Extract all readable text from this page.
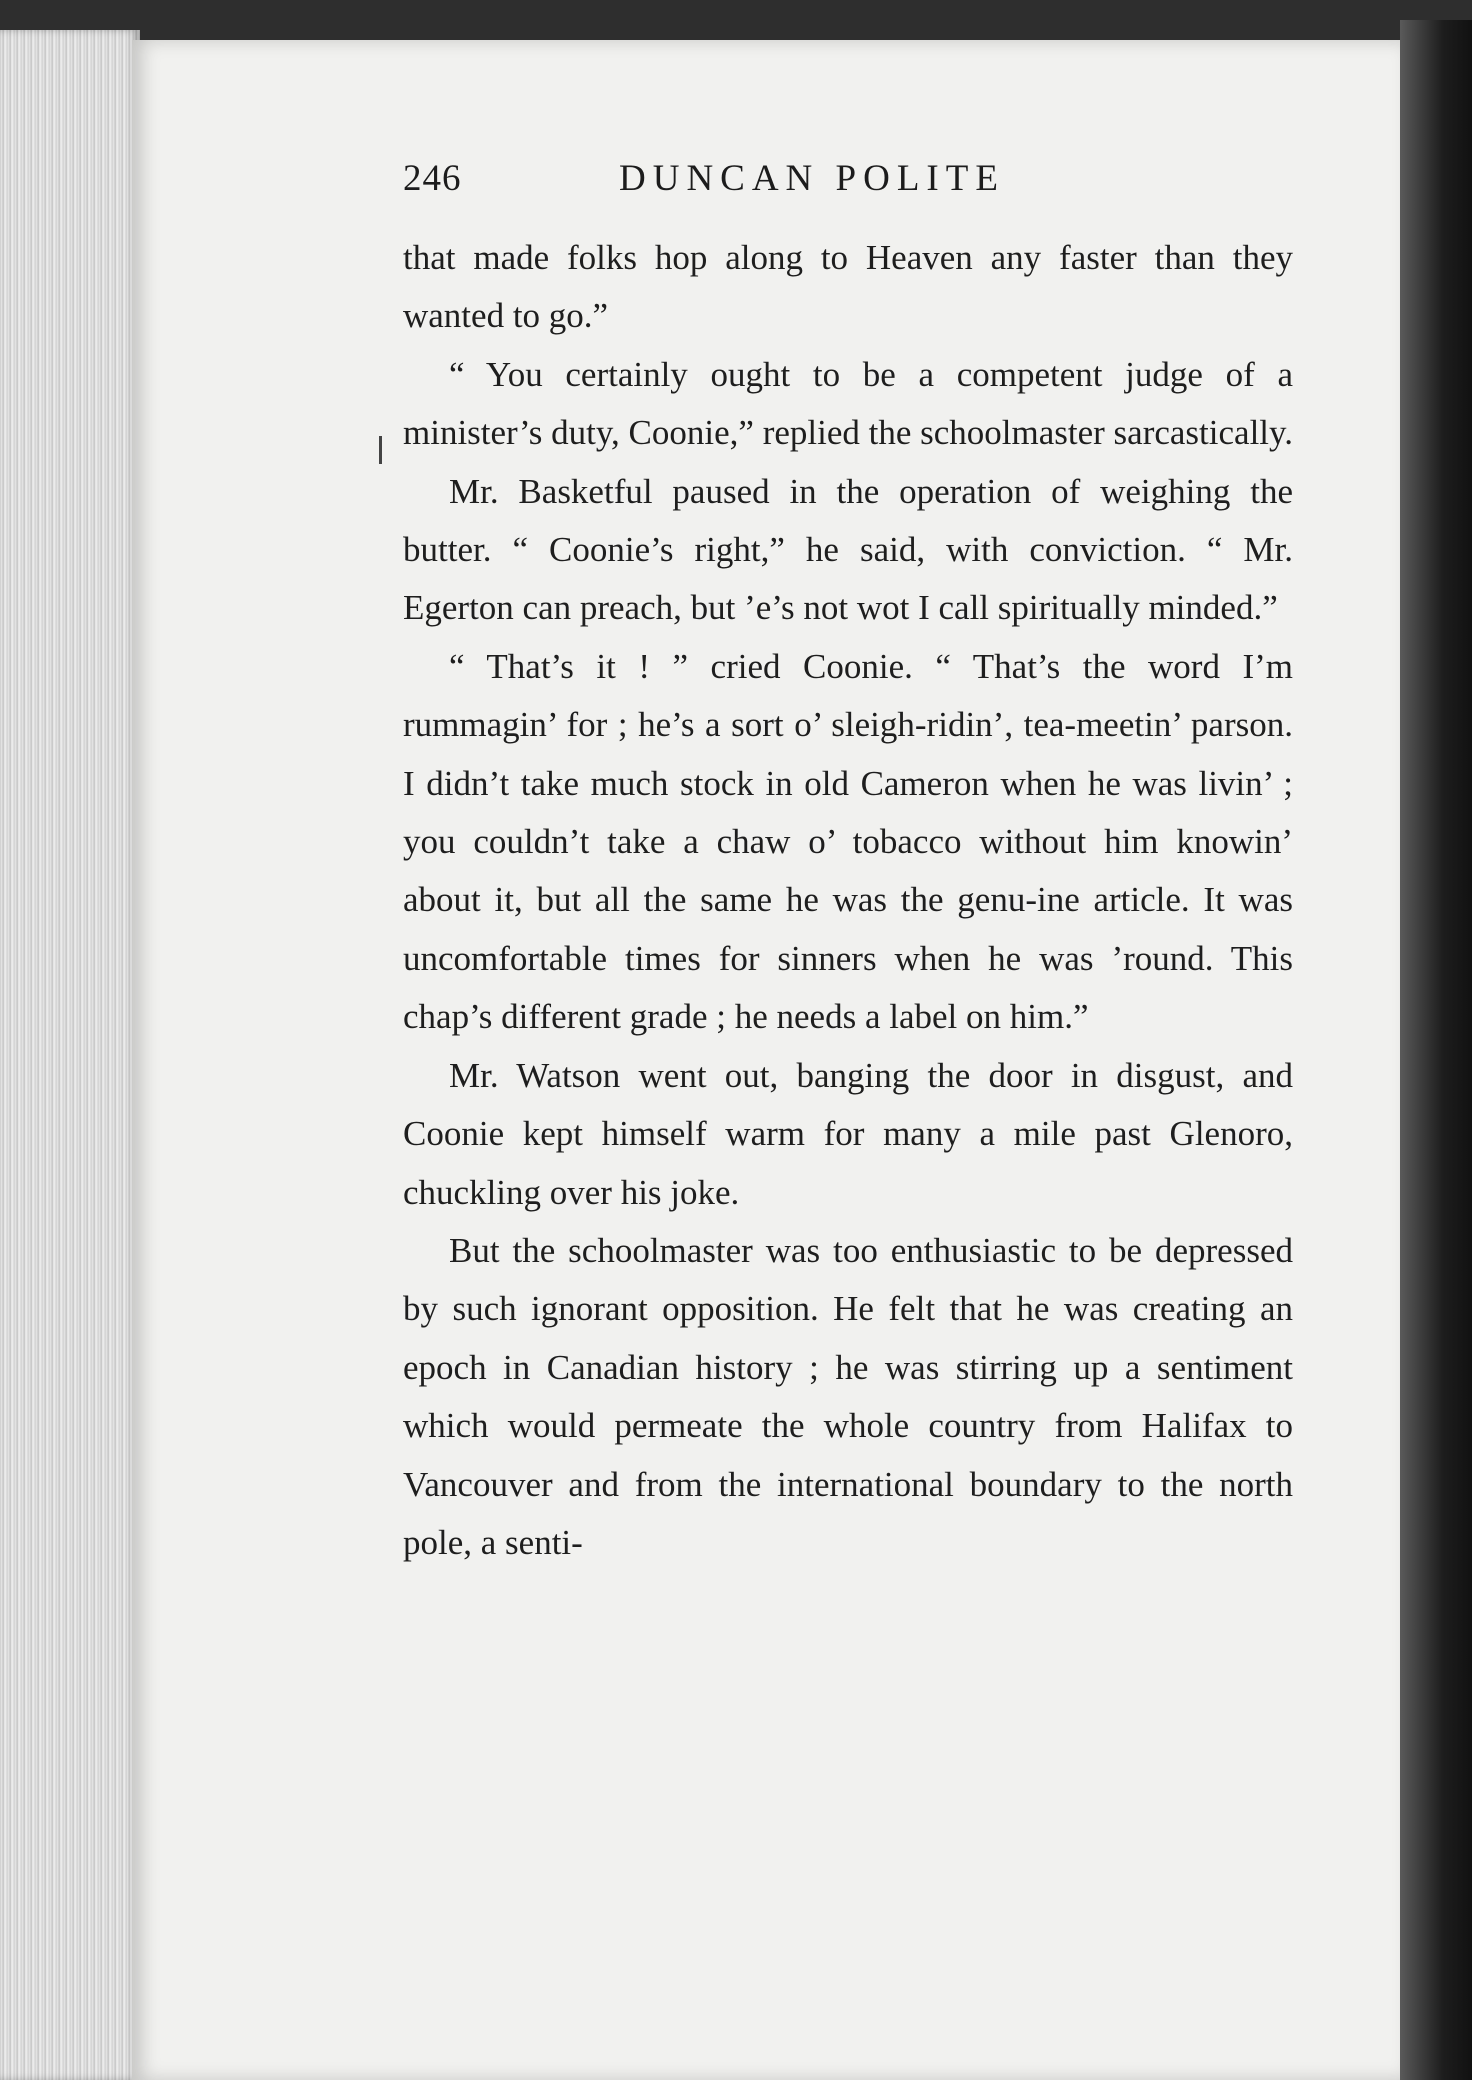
246	DUNCAN POLITE

that made folks hop along to Heaven any faster than they wanted to go.”

“ You certainly ought to be a competent judge of a minister’s duty, Coonie,” replied the schoolmaster sarcastically.

Mr. Basketful paused in the operation of weighing the butter. “ Coonie’s right,” he said, with conviction. “ Mr. Egerton can preach, but ’e’s not wot I call spiritually minded.”

“ That’s it ! ” cried Coonie. “ That’s the word I’m rummagin’ for ; he’s a sort o’ sleigh-ridin’, tea-meetin’ parson. I didn’t take much stock in old Cameron when he was livin’ ; you couldn’t take a chaw o’ tobacco without him knowin’ about it, but all the same he was the genu-ine article. It was uncomfortable times for sinners when he was ’round. This chap’s different grade ; he needs a label on him.”

Mr. Watson went out, banging the door in disgust, and Coonie kept himself warm for many a mile past Glenoro, chuckling over his joke.

But the schoolmaster was too enthusiastic to be depressed by such ignorant opposition. He felt that he was creating an epoch in Canadian history ; he was stirring up a sentiment which would permeate the whole country from Halifax to Vancouver and from the international boundary to the north pole, a senti-
